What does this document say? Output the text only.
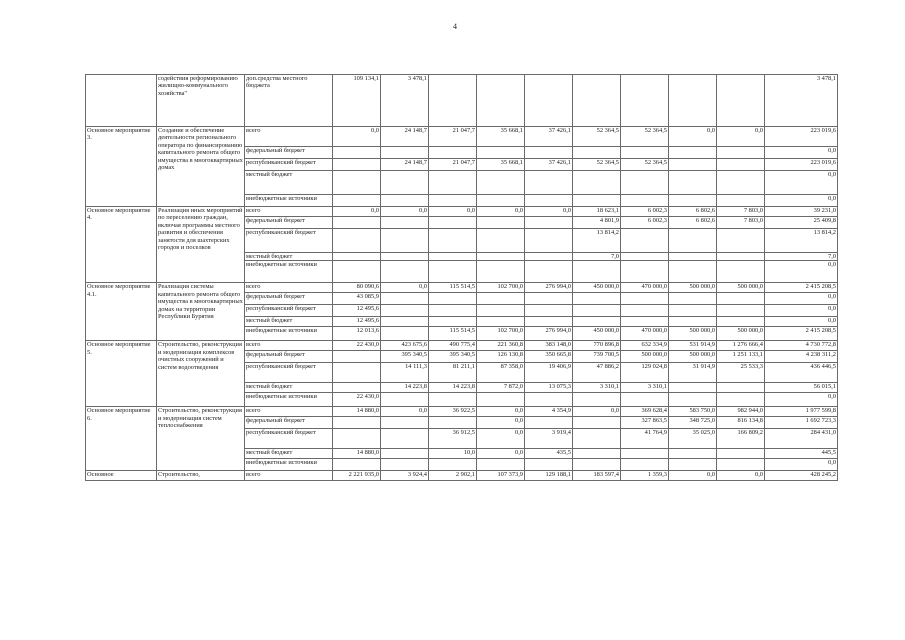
4
	содействия реформированию жилищно-коммунального хозяйства"	доп.средства местного бюджета	109 134,1	3 478,1								3 478,1
Основное мероприятие 3.	Создание и обеспечение деятельности регионального оператора по финансированию капитального ремонта общего имущества в многоквартирных домах	всего	0,0	24 148,7	21 047,7	35 668,1	37 426,1	52 364,5	52 364,5	0,0	0,0	223 019,6
		федеральный бюджет										0,0
		республиканский бюджет		24 148,7	21 047,7	35 668,1	37 426,1	52 364,5	52 364,5			223 019,6
		местный бюджет										0,0
		внебюджетные источники										0,0
Основное мероприятие 4.	Реализация иных мероприятий по переселению граждан, включая программы местного развития и обеспечения занятости для шахтерских городов и поселков	всего	0,0	0,0	0,0	0,0	0,0	18 623,1	6 002,3	6 802,6	7 803,0	39 231,0
		федеральный бюджет						4 801,9	6 002,3	6 802,6	7 803,0	25 409,8
		республиканский бюджет						13 814,2				13 814,2
		местный бюджет						7,0				7,0
		внебюджетные источники										0,0
Основное мероприятие 4.1.	Реализация системы капитального ремонта общего имущества в многоквартирных домах на территории Республики Бурятия	всего	80 090,6	0,0	115 514,5	102 700,0	276 994,0	450 000,0	470 000,0	500 000,0	500 000,0	2 415 208,5
		федеральный бюджет	43 085,9									0,0
		республиканский бюджет	12 495,6									0,0
		местный бюджет	12 495,6									0,0
		внебюджетные источники	12 013,6		115 514,5	102 700,0	276 994,0	450 000,0	470 000,0	500 000,0	500 000,0	2 415 208,5
Основное мероприятие 5.	Строительство, реконструкция и модернизация комплексов очистных сооружений и систем водоотведения	всего	22 430,0	423 675,6	490 775,4	221 360,8	383 148,0	770 896,8	632 334,9	531 914,9	1 276 666,4	4 730 772,8
		федеральный бюджет		395 340,5	395 340,5	126 130,8	350 665,8	739 700,5	500 000,0	500 000,0	1 251 133,1	4 238 311,2
		республиканский бюджет		14 111,3	81 211,1	87 358,0	19 406,9	47 886,2	129 024,8	31 914,9	25 533,3	436 446,5
		местный бюджет		14 223,8	14 223,8	7 872,0	13 075,3	3 310,1	3 310,1			56 015,1
		внебюджетные источники	22 430,0									0,0
Основное мероприятие 6.	Строительство, реконструкция и модернизация систем теплоснабжения	всего	14 880,0	0,0	36 922,5	0,0	4 354,9	0,0	369 628,4	583 750,0	982 944,0	1 977 599,8
		федеральный бюджет				0,0			327 863,5	348 725,0	816 134,8	1 692 723,3
		республиканский бюджет			36 912,5	0,0	3 919,4		41 764,9	35 025,0	166 809,2	284 431,0
		местный бюджет	14 880,0		10,0	0,0	435,5					445,5
		внебюджетные источники										0,0
Основное	Строительство,	всего	2 221 935,0	3 924,4	2 902,1	107 373,9	129 188,1	183 597,4	1 359,3	0,0	0,0	428 245,2
